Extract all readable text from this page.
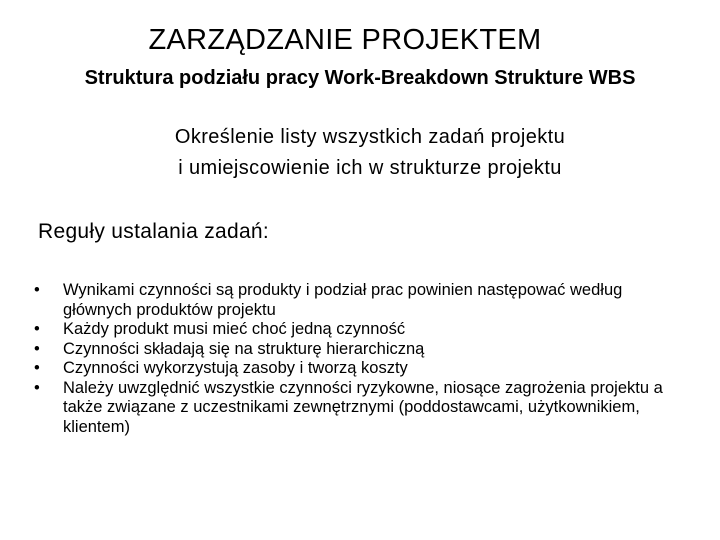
ZARZĄDZANIE PROJEKTEM
Struktura podziału pracy Work-Breakdown Strukture WBS
Określenie listy wszystkich zadań projektu
i umiejscowienie ich w strukturze projektu
Reguły ustalania zadań:
• Wynikami czynności są produkty i podział prac powinien następować według głównych produktów projektu
• Każdy produkt musi mieć choć jedną czynność
• Czynności składają się na strukturę hierarchiczną
• Czynności wykorzystują zasoby i tworzą koszty
• Należy uwzględnić wszystkie czynności ryzykowne, niosące zagrożenia projektu a także związane z uczestnikami zewnętrznymi (poddostawcami, użytkownikiem, klientem)
